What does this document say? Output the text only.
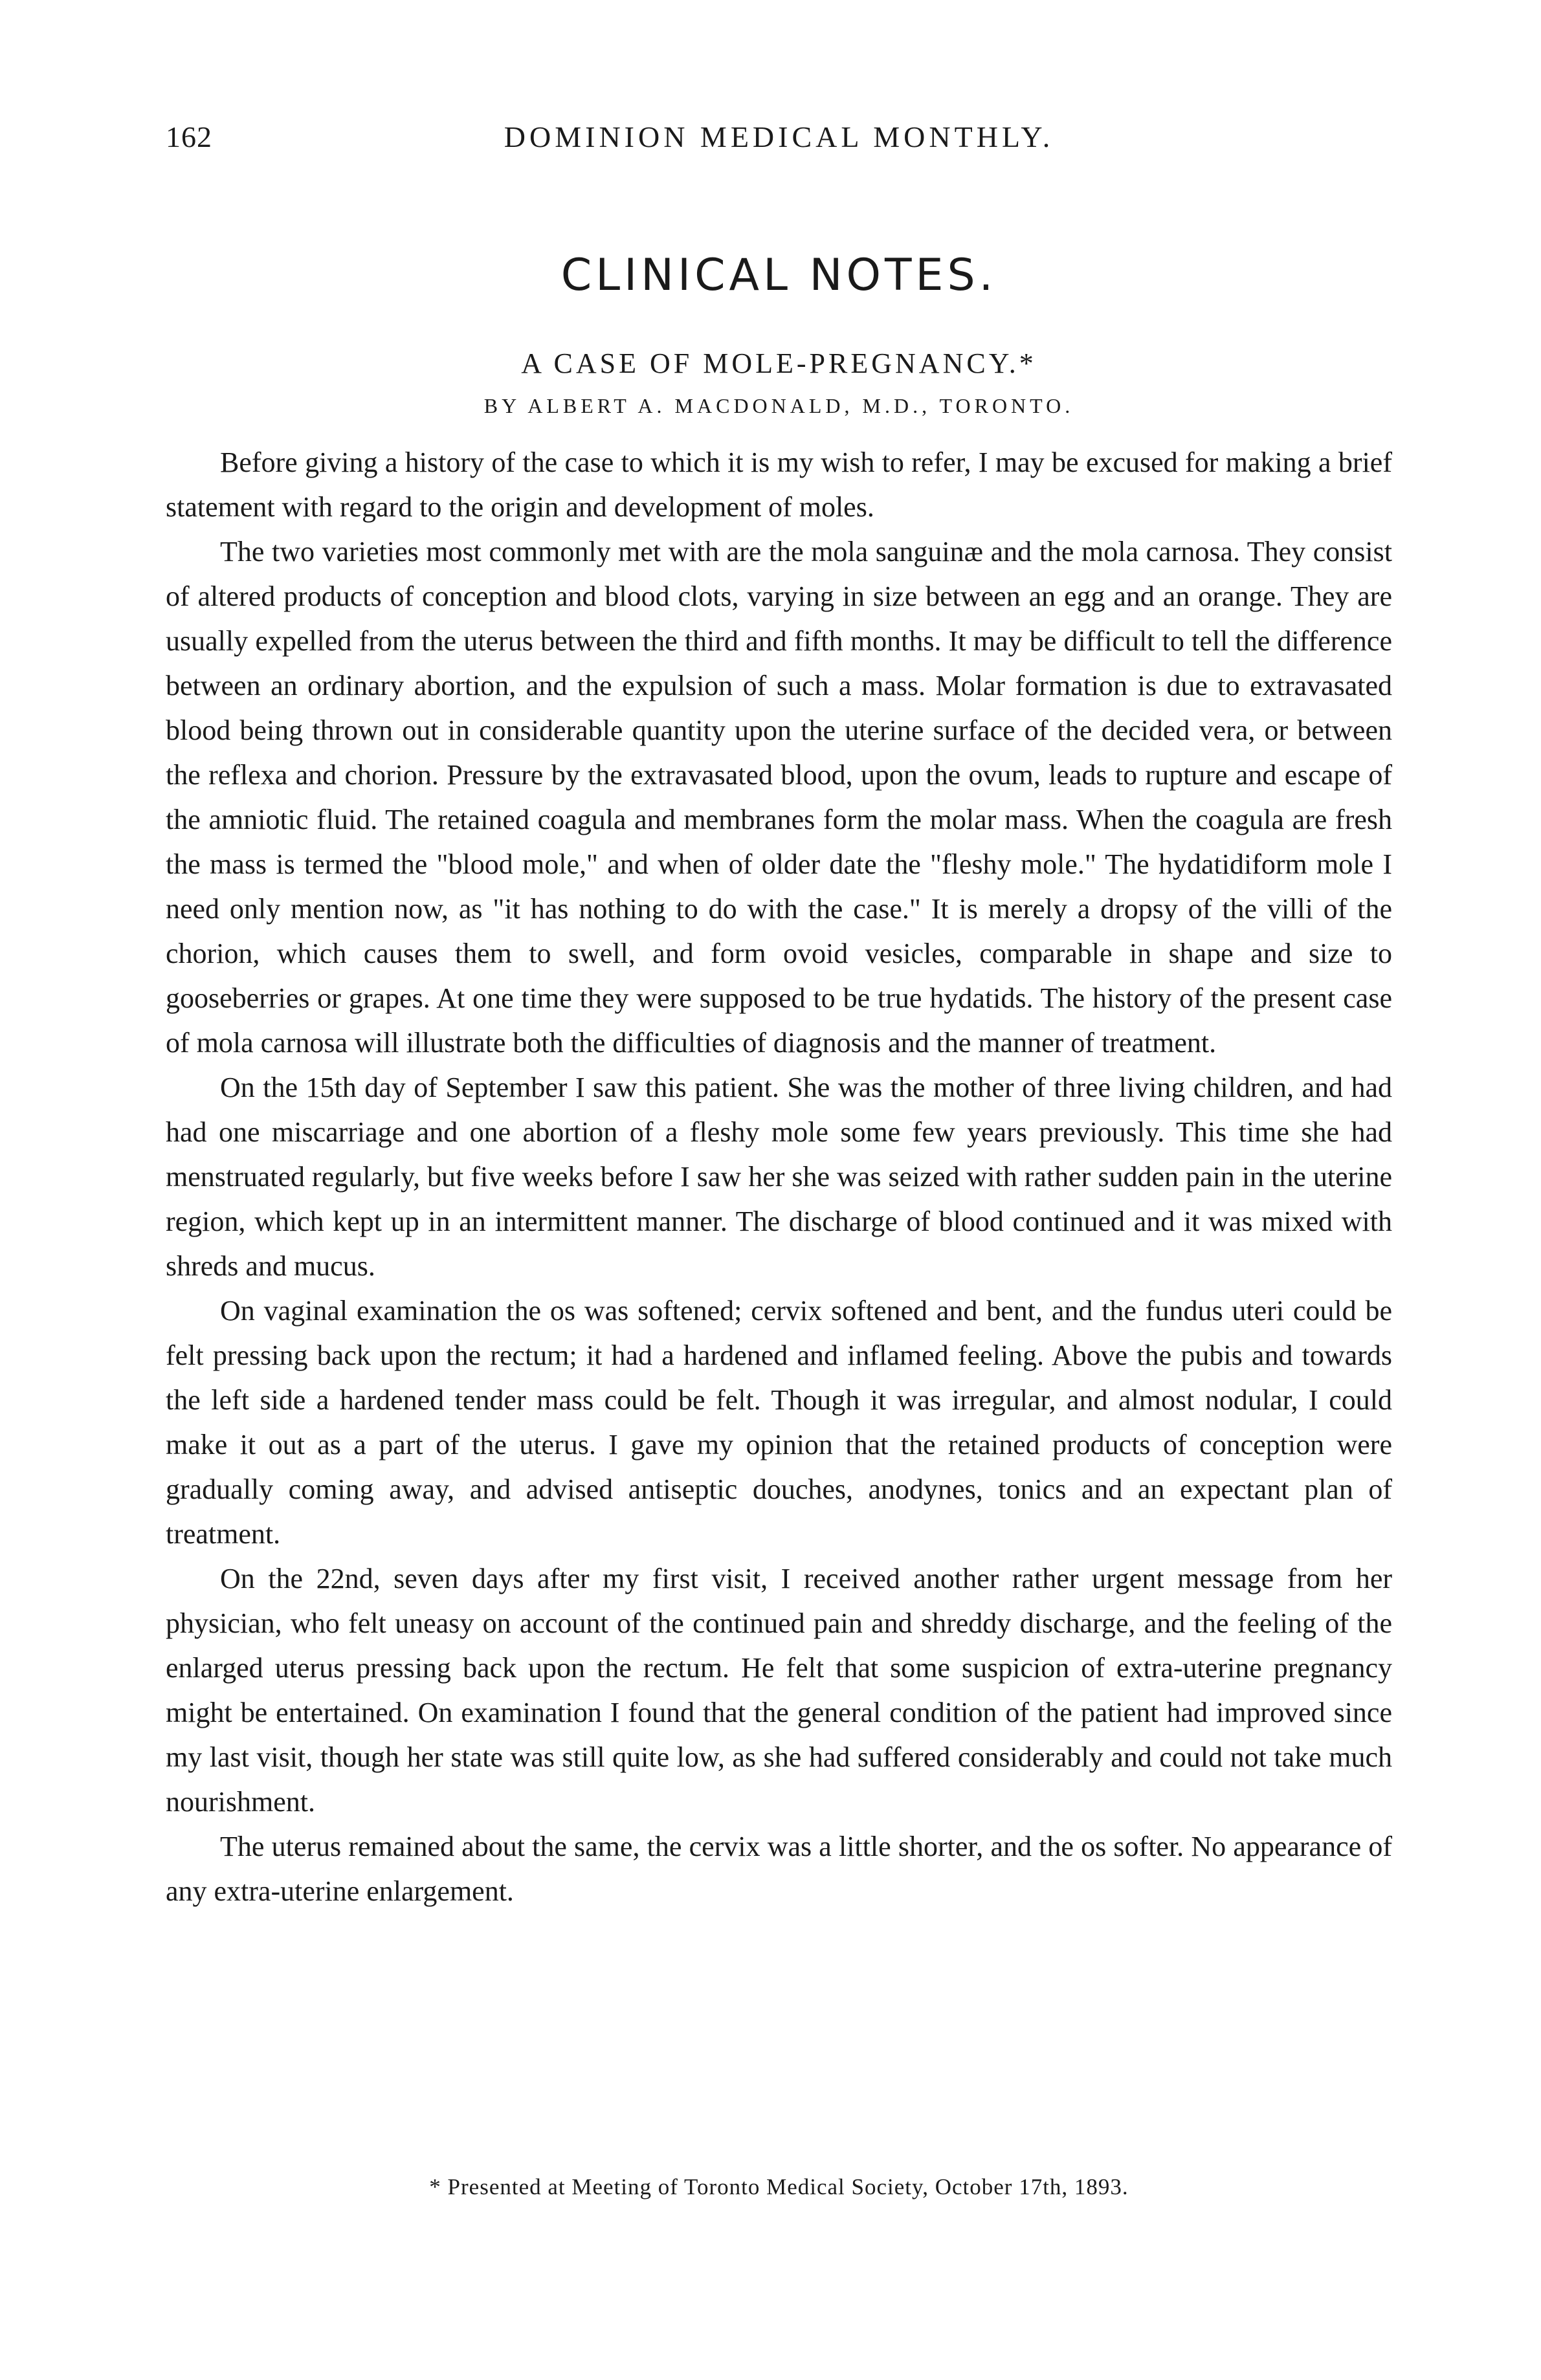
162	DOMINION MEDICAL MONTHLY.
CLINICAL NOTES.
A CASE OF MOLE-PREGNANCY.*
BY ALBERT A. MACDONALD, M.D., TORONTO.

Before giving a history of the case to which it is my wish to refer, I may be excused for making a brief statement with regard to the origin and development of moles.

The two varieties most commonly met with are the mola sanguinæ and the mola carnosa. They consist of altered products of conception and blood clots, varying in size between an egg and an orange. They are usually expelled from the uterus between the third and fifth months. It may be difficult to tell the difference between an ordinary abortion, and the expulsion of such a mass. Molar formation is due to extravasated blood being thrown out in considerable quantity upon the uterine surface of the decided vera, or between the reflexa and chorion. Pressure by the extravasated blood, upon the ovum, leads to rupture and escape of the amniotic fluid. The retained coagula and membranes form the molar mass. When the coagula are fresh the mass is termed the "blood mole," and when of older date the "fleshy mole." The hydatidiform mole I need only mention now, as "it has nothing to do with the case." It is merely a dropsy of the villi of the chorion, which causes them to swell, and form ovoid vesicles, comparable in shape and size to gooseberries or grapes. At one time they were supposed to be true hydatids. The history of the present case of mola carnosa will illustrate both the difficulties of diagnosis and the manner of treatment.

On the 15th day of September I saw this patient. She was the mother of three living children, and had had one miscarriage and one abortion of a fleshy mole some few years previously. This time she had menstruated regularly, but five weeks before I saw her she was seized with rather sudden pain in the uterine region, which kept up in an intermittent manner. The discharge of blood continued and it was mixed with shreds and mucus.

On vaginal examination the os was softened; cervix softened and bent, and the fundus uteri could be felt pressing back upon the rectum; it had a hardened and inflamed feeling. Above the pubis and towards the left side a hardened tender mass could be felt. Though it was irregular, and almost nodular, I could make it out as a part of the uterus. I gave my opinion that the retained products of conception were gradually coming away, and advised antiseptic douches, anodynes, tonics and an expectant plan of treatment.

On the 22nd, seven days after my first visit, I received another rather urgent message from her physician, who felt uneasy on account of the continued pain and shreddy discharge, and the feeling of the enlarged uterus pressing back upon the rectum. He felt that some suspicion of extra-uterine pregnancy might be entertained. On examination I found that the general condition of the patient had improved since my last visit, though her state was still quite low, as she had suffered considerably and could not take much nourishment.

The uterus remained about the same, the cervix was a little shorter, and the os softer. No appearance of any extra-uterine enlargement.

* Presented at Meeting of Toronto Medical Society, October 17th, 1893.
